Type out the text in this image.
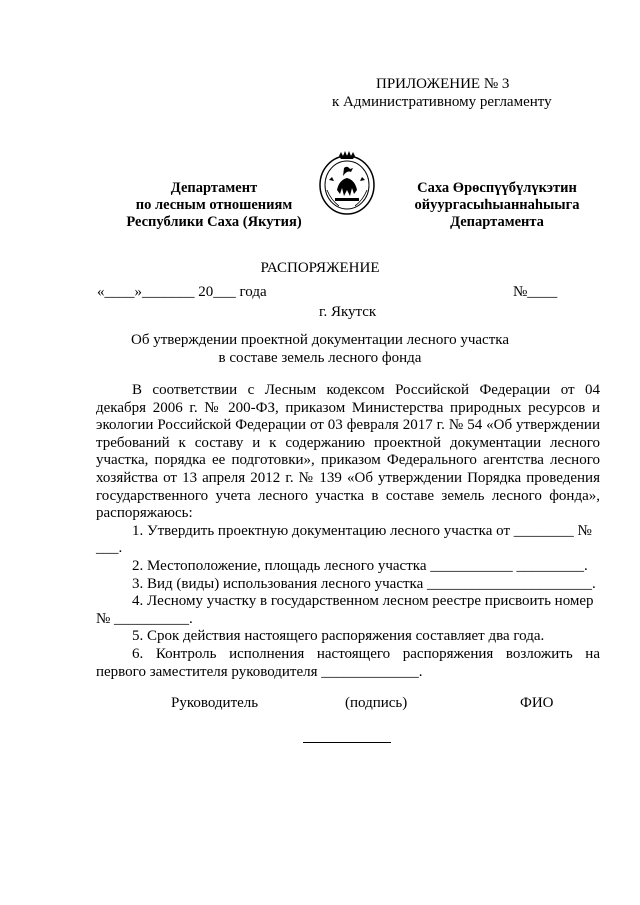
ПРИЛОЖЕНИЕ № 3
к Административному регламенту
Департамент
по лесным отношениям
Республики Саха (Якутия)
Саха Өрөспүүбүлүкэтин
ойуургасыһыаннаһыыга
Департамента
РАСПОРЯЖЕНИЕ
«____»_______ 20___ года	№____
г. Якутск
Об утверждении проектной документации лесного участка
в составе земель лесного фонда

В соответствии с Лесным кодексом Российской Федерации от 04 декабря 2006 г. № 200-ФЗ, приказом Министерства природных ресурсов и экологии Российской Федерации от 03 февраля 2017 г. № 54 «Об утверждении требований к составу и к содержанию проектной документации лесного участка, порядка ее подготовки», приказом Федерального агентства лесного хозяйства от 13 апреля 2012 г. № 139 «Об утверждении Порядка проведения государственного учета лесного участка в составе земель лесного фонда», распоряжаюсь:

1. Утвердить проектную документацию лесного участка от ________ №

___.

2. Местоположение, площадь лесного участка ___________ _________.

3. Вид (виды) использования лесного участка ______________________.

4. Лесному участку в государственном лесном реестре присвоить номер

№ __________.

5. Срок действия настоящего распоряжения составляет два года.

6. Контроль исполнения настоящего распоряжения возложить на первого заместителя руководителя _____________.

Руководитель	(подпись)	ФИО
